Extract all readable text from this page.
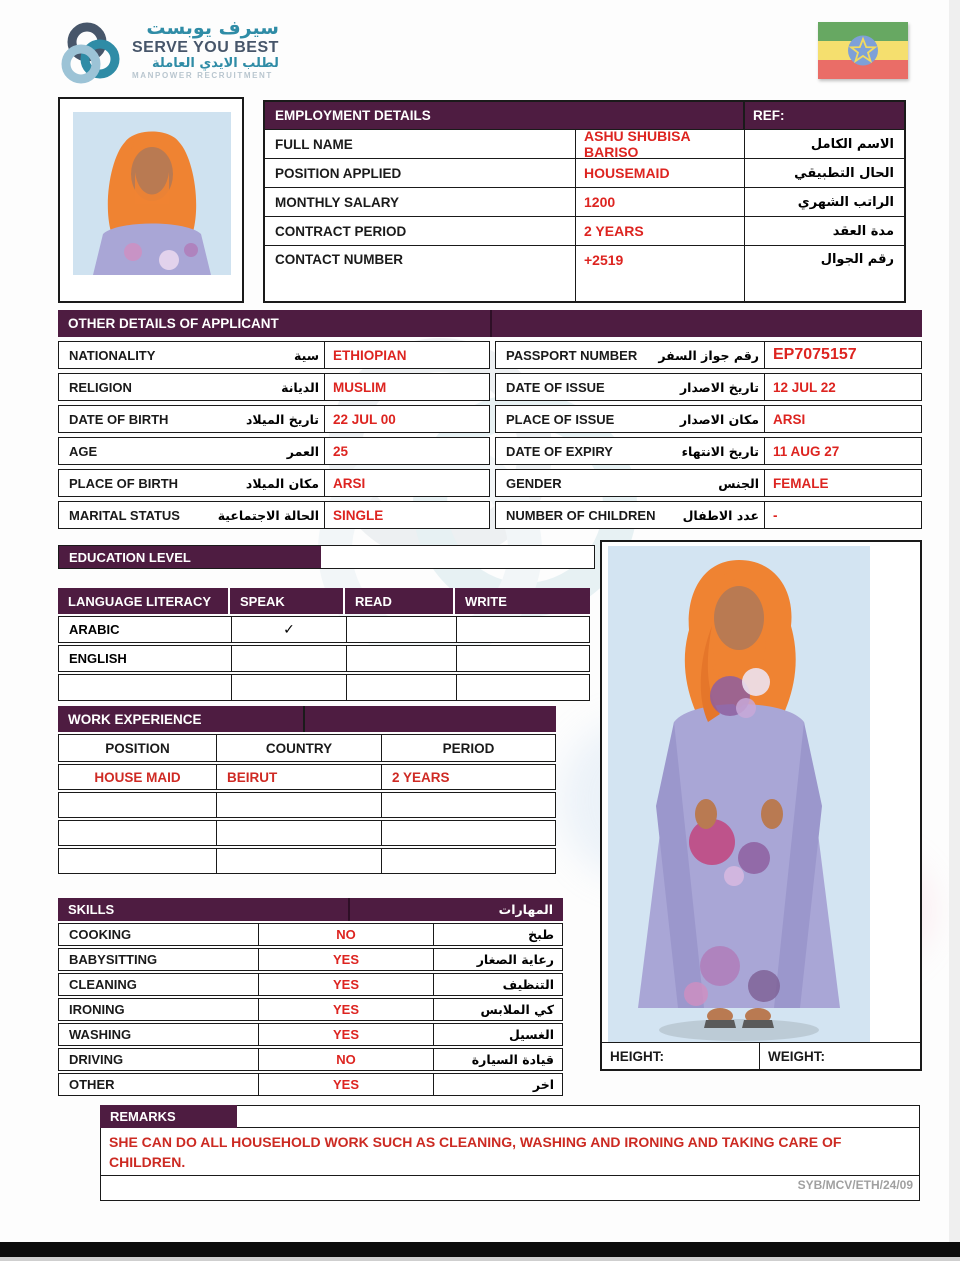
سيرف يوبست
SERVE YOU BEST
لطلب الايدي العاملة
MANPOWER RECRUITMENT
EMPLOYMENT DETAILS	REF:
FULL NAME	ASHU SHUBISA BARISO	الاسم الكامل
POSITION APPLIED	HOUSEMAID	الحال التطبيقي
MONTHLY SALARY	1200	الراتب الشهري
CONTRACT PERIOD	2 YEARS	مدة العقد
CONTACT NUMBER	+2519	رقم الجوال
OTHER DETAILS OF APPLICANT
NATIONALITY	سية	ETHIOPIAN
RELIGION	الديانة	MUSLIM
DATE OF BIRTH	تاريخ الميلاد	22 JUL 00
AGE	العمر	25
PLACE OF BIRTH	مكان الميلاد	ARSI
MARITAL STATUS	الحالة الاجتماعية	SINGLE
PASSPORT NUMBER رقم جواز السفر EP7075157
DATE OF ISSUE	تاريخ الاصدار	12 JUL 22
PLACE OF ISSUE	مكان الاصدار	ARSI
DATE OF EXPIRY	تاريخ الانتهاء	11 AUG 27
GENDER	الجنس	FEMALE
NUMBER OF CHILDREN عدد الاطفال	-
EDUCATION LEVEL
LANGUAGE LITERACY	SPEAK	READ	WRITE
ARABIC	✓
ENGLISH
WORK EXPERIENCE
POSITION	COUNTRY	PERIOD
HOUSE MAID	BEIRUT	2 YEARS
SKILLS	المهارات
COOKING	NO	طبخ
BABYSITTING	YES	رعاية الصغار
CLEANING	YES	التنظيف
IRONING	YES	كي الملابس
WASHING	YES	الغسيل
DRIVING	NO	قيادة السيارة
OTHER	YES	اخر
HEIGHT:	WEIGHT:
REMARKS
SHE CAN DO ALL HOUSEHOLD WORK SUCH AS CLEANING, WASHING AND IRONING AND TAKING CARE OF CHILDREN.
SYB/MCV/ETH/24/09
